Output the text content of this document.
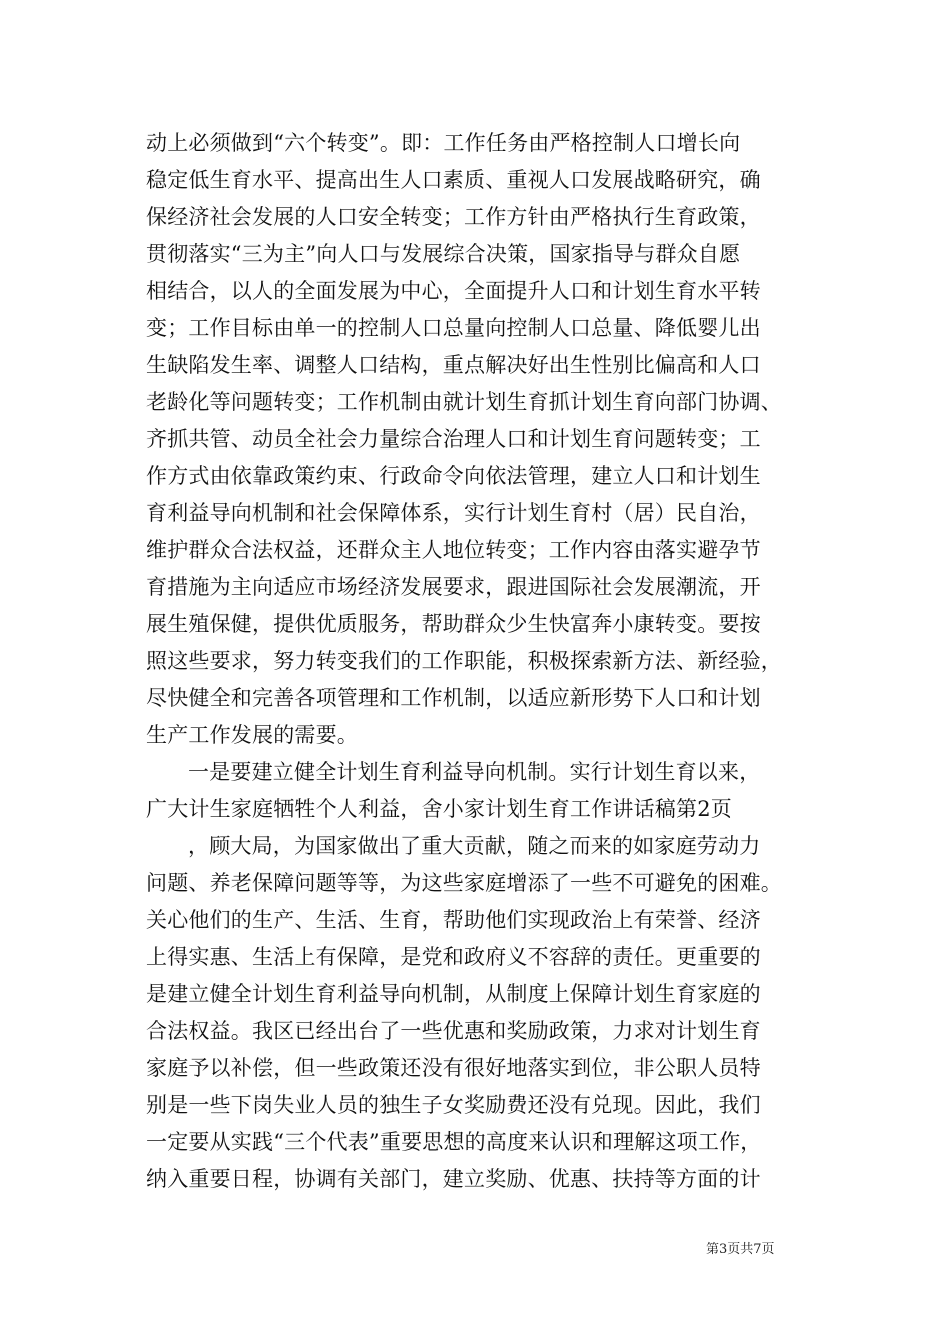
动上必须做到“六个转变”。即：工作任务由严格控制人口增长向
稳定低生育水平、提高出生人口素质、重视人口发展战略研究，确
保经济社会发展的人口安全转变；工作方针由严格执行生育政策，
贯彻落实“三为主”向人口与发展综合决策，国家指导与群众自愿
相结合，以人的全面发展为中心，全面提升人口和计划生育水平转
变；工作目标由单一的控制人口总量向控制人口总量、降低婴儿出
生缺陷发生率、调整人口结构，重点解决好出生性别比偏高和人口
老龄化等问题转变；工作机制由就计划生育抓计划生育向部门协调、
齐抓共管、动员全社会力量综合治理人口和计划生育问题转变；工
作方式由依靠政策约束、行政命令向依法管理，建立人口和计划生
育利益导向机制和社会保障体系，实行计划生育村（居）民自治，
维护群众合法权益，还群众主人地位转变；工作内容由落实避孕节
育措施为主向适应市场经济发展要求，跟进国际社会发展潮流，开
展生殖保健，提供优质服务，帮助群众少生快富奔小康转变。要按
照这些要求，努力转变我们的工作职能，积极探索新方法、新经验，
尽快健全和完善各项管理和工作机制，以适应新形势下人口和计划
生产工作发展的需要。
一是要建立健全计划生育利益导向机制。实行计划生育以来，
广大计生家庭牺牲个人利益，舍小家计划生育工作讲话稿第2页
，顾大局，为国家做出了重大贡献，随之而来的如家庭劳动力
问题、养老保障问题等等，为这些家庭增添了一些不可避免的困难。
关心他们的生产、生活、生育，帮助他们实现政治上有荣誉、经济
上得实惠、生活上有保障，是党和政府义不容辞的责任。更重要的
是建立健全计划生育利益导向机制，从制度上保障计划生育家庭的
合法权益。我区已经出台了一些优惠和奖励政策，力求对计划生育
家庭予以补偿，但一些政策还没有很好地落实到位，非公职人员特
别是一些下岗失业人员的独生子女奖励费还没有兑现。因此，我们
一定要从实践“三个代表”重要思想的高度来认识和理解这项工作，
纳入重要日程，协调有关部门，建立奖励、优惠、扶持等方面的计
第3页共7页
